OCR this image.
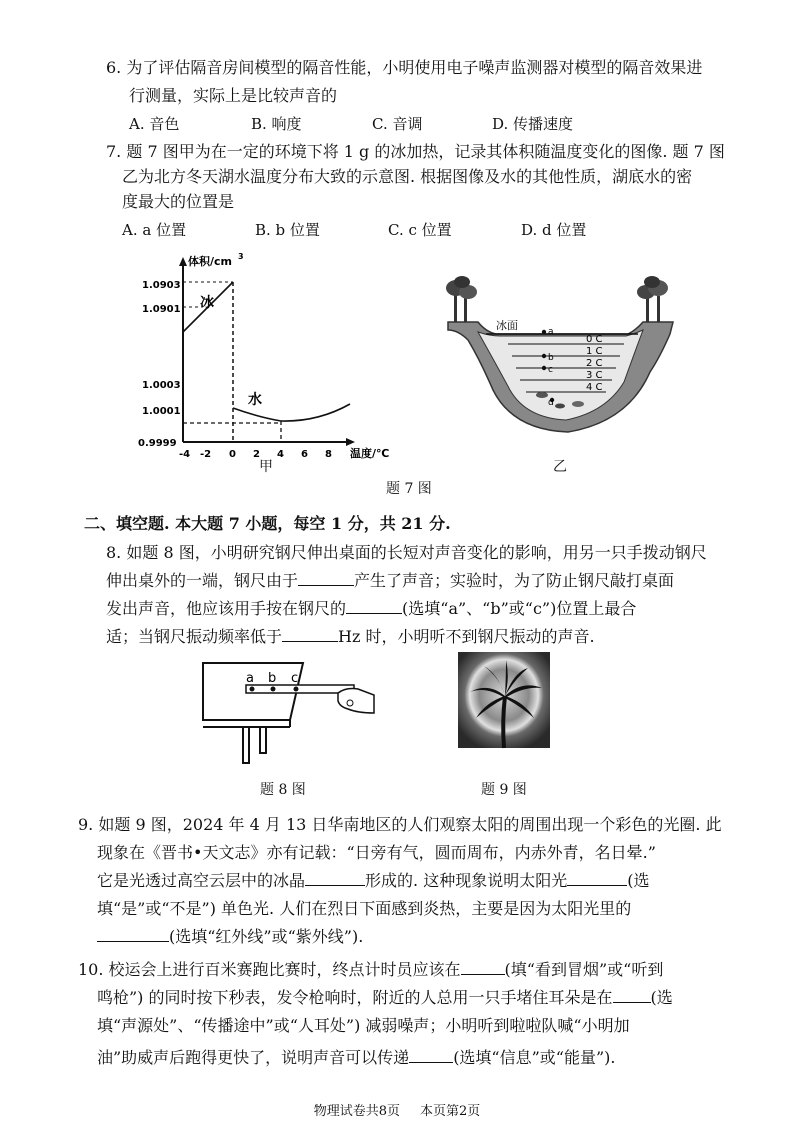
6. 为了评估隔音房间模型的隔音性能，小明使用电子噪声监测器对模型的隔音效果进
行测量，实际上是比较声音的
A. 音色	B. 响度	C. 音调	D. 传播速度
7. 题 7 图甲为在一定的环境下将 1 g 的冰加热，记录其体积随温度变化的图像. 题 7 图
乙为北方冬天湖水温度分布大致的示意图. 根据图像及水的其他性质，湖底水的密
度最大的位置是
A. a 位置	B. b 位置	C. c 位置	D. d 位置
体积/cm 3
1.0903
1.0901
1.0003
1.0001
0.9999
-4 -2 0 2 4 6 8 温度/℃
冰
水
甲
冰面	a
0 C
1 C
b	2 C
c	3 C
4 C
d
乙
题 7 图
二、填空题. 本大题 7 小题，每空 1 分，共 21 分.
8. 如题 8 图，小明研究钢尺伸出桌面的长短对声音变化的影响，用另一只手拨动钢尺
伸出桌外的一端，钢尺由于	产生了声音；实验时，为了防止钢尺敲打桌面
发出声音，他应该用手按在钢尺的	(选填“a”、“b”或“c”)位置上最合
适；当钢尺振动频率低于	Hz 时，小明听不到钢尺振动的声音.
a b c
题 8 图	题 9 图
9. 如题 9 图，2024 年 4 月 13 日华南地区的人们观察太阳的周围出现一个彩色的光圈. 此
现象在《晋书•天文志》亦有记载：“日旁有气，圆而周布，内赤外青，名日晕.”
它是光透过高空云层中的冰晶	形成的. 这种现象说明太阳光	(选
填“是”或“不是”) 单色光. 人们在烈日下面感到炎热，主要是因为太阳光里的
(选填“红外线”或“紫外线”).
10. 校运会上进行百米赛跑比赛时，终点计时员应该在	(填“看到冒烟”或“听到
鸣枪”) 的同时按下秒表，发令枪响时，附近的人总用一只手堵住耳朵是在 (选
填“声源处”、“传播途中”或“人耳处”) 减弱噪声；小明听到啦啦队喊“小明加
油”助威声后跑得更快了，说明声音可以传递	(选填“信息”或“能量”).
物理试卷共8页 本页第2页
